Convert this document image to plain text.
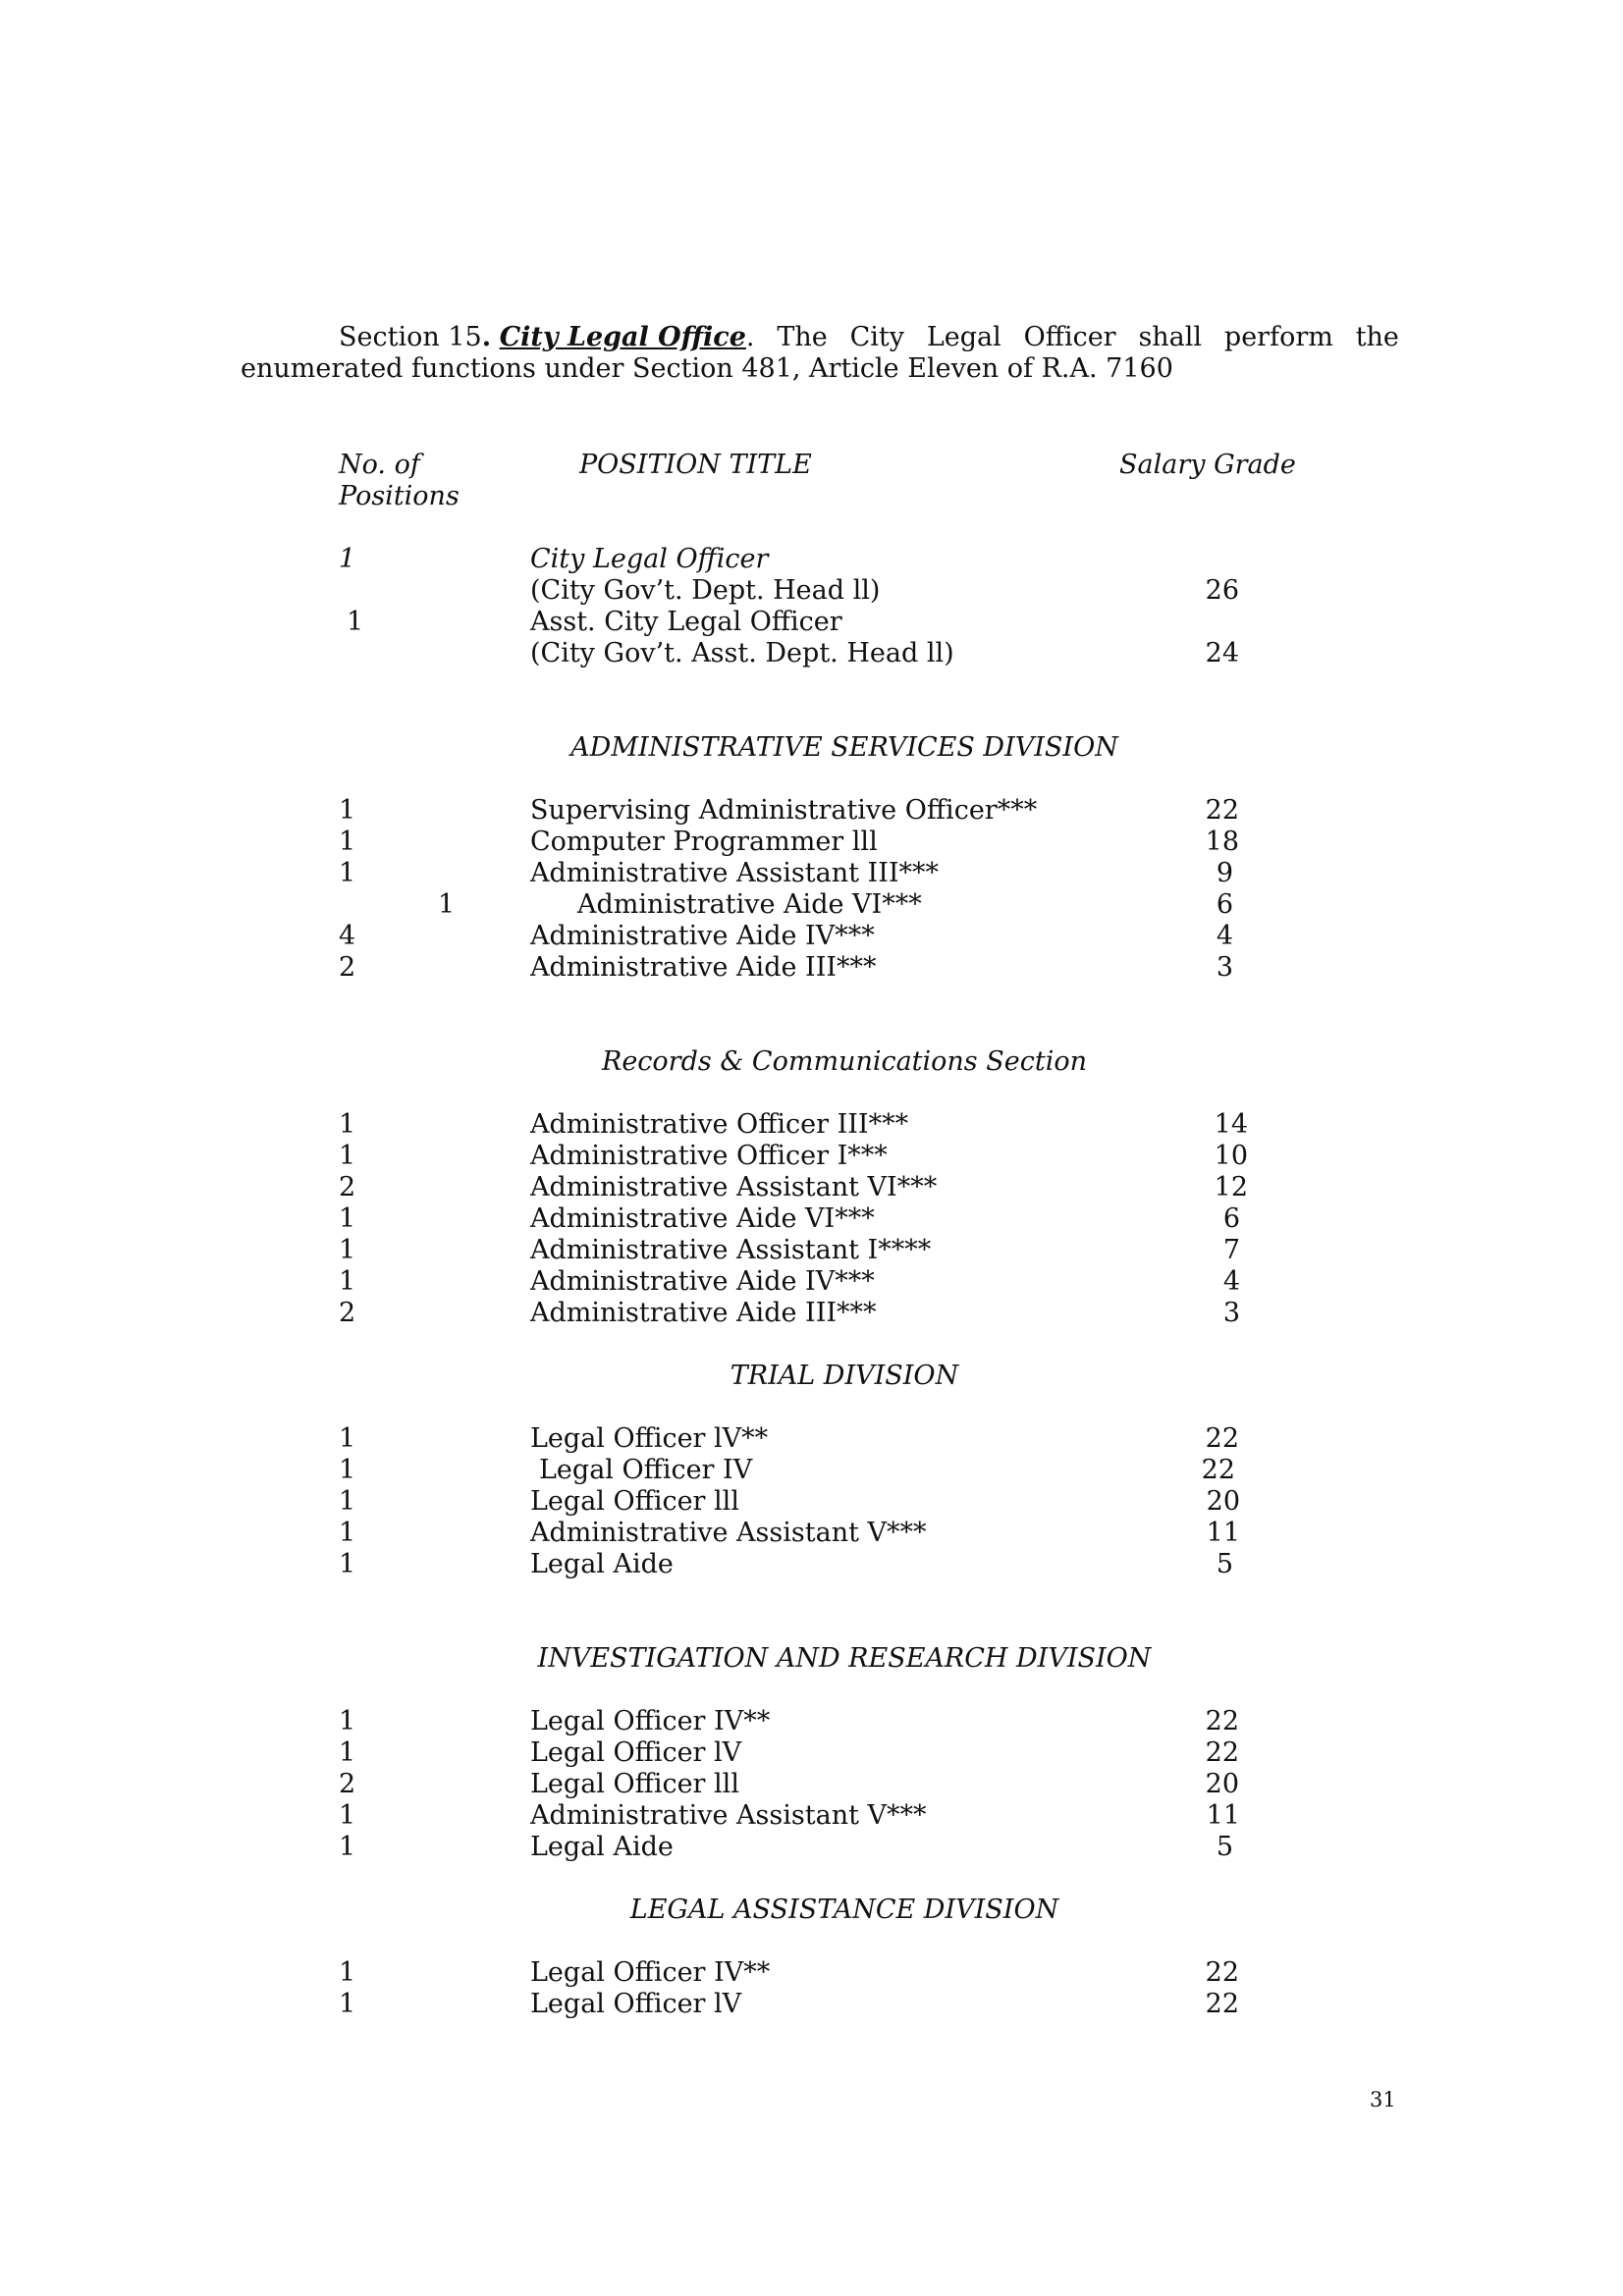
Section 15. City Legal Office. The City Legal Officer shall perform the
enumerated functions under Section 481, Article Eleven of R.A. 7160
No. of
Positions
POSITION TITLE	Salary Grade
1	City Legal Officer
(City Gov’t. Dept. Head ll)	26
1	Asst. City Legal Officer
(City Gov’t. Asst. Dept. Head ll)	24
ADMINISTRATIVE SERVICES DIVISION
1	Supervising Administrative Officer***	22
1	Computer Programmer lll	18
1	Administrative Assistant III***	9
1	Administrative Aide VI***	6
4	Administrative Aide IV***	4
2	Administrative Aide III***	3
Records & Communications Section
1	Administrative Officer III***	14
1	Administrative Officer I***	10
2	Administrative Assistant VI***	12
1	Administrative Aide VI***	6
1	Administrative Assistant I****	7
1	Administrative Aide IV***	4
2	Administrative Aide III***	3
TRIAL DIVISION
1	Legal Officer lV**	22
1	Legal Officer IV	22
1	Legal Officer lll	20
1	Administrative Assistant V***	11
1	Legal Aide	5
INVESTIGATION AND RESEARCH DIVISION
1	Legal Officer IV**	22
1	Legal Officer lV	22
2	Legal Officer lll	20
1	Administrative Assistant V***	11
1	Legal Aide	5
LEGAL ASSISTANCE DIVISION
1	Legal Officer IV**	22
1	Legal Officer lV	22
31
